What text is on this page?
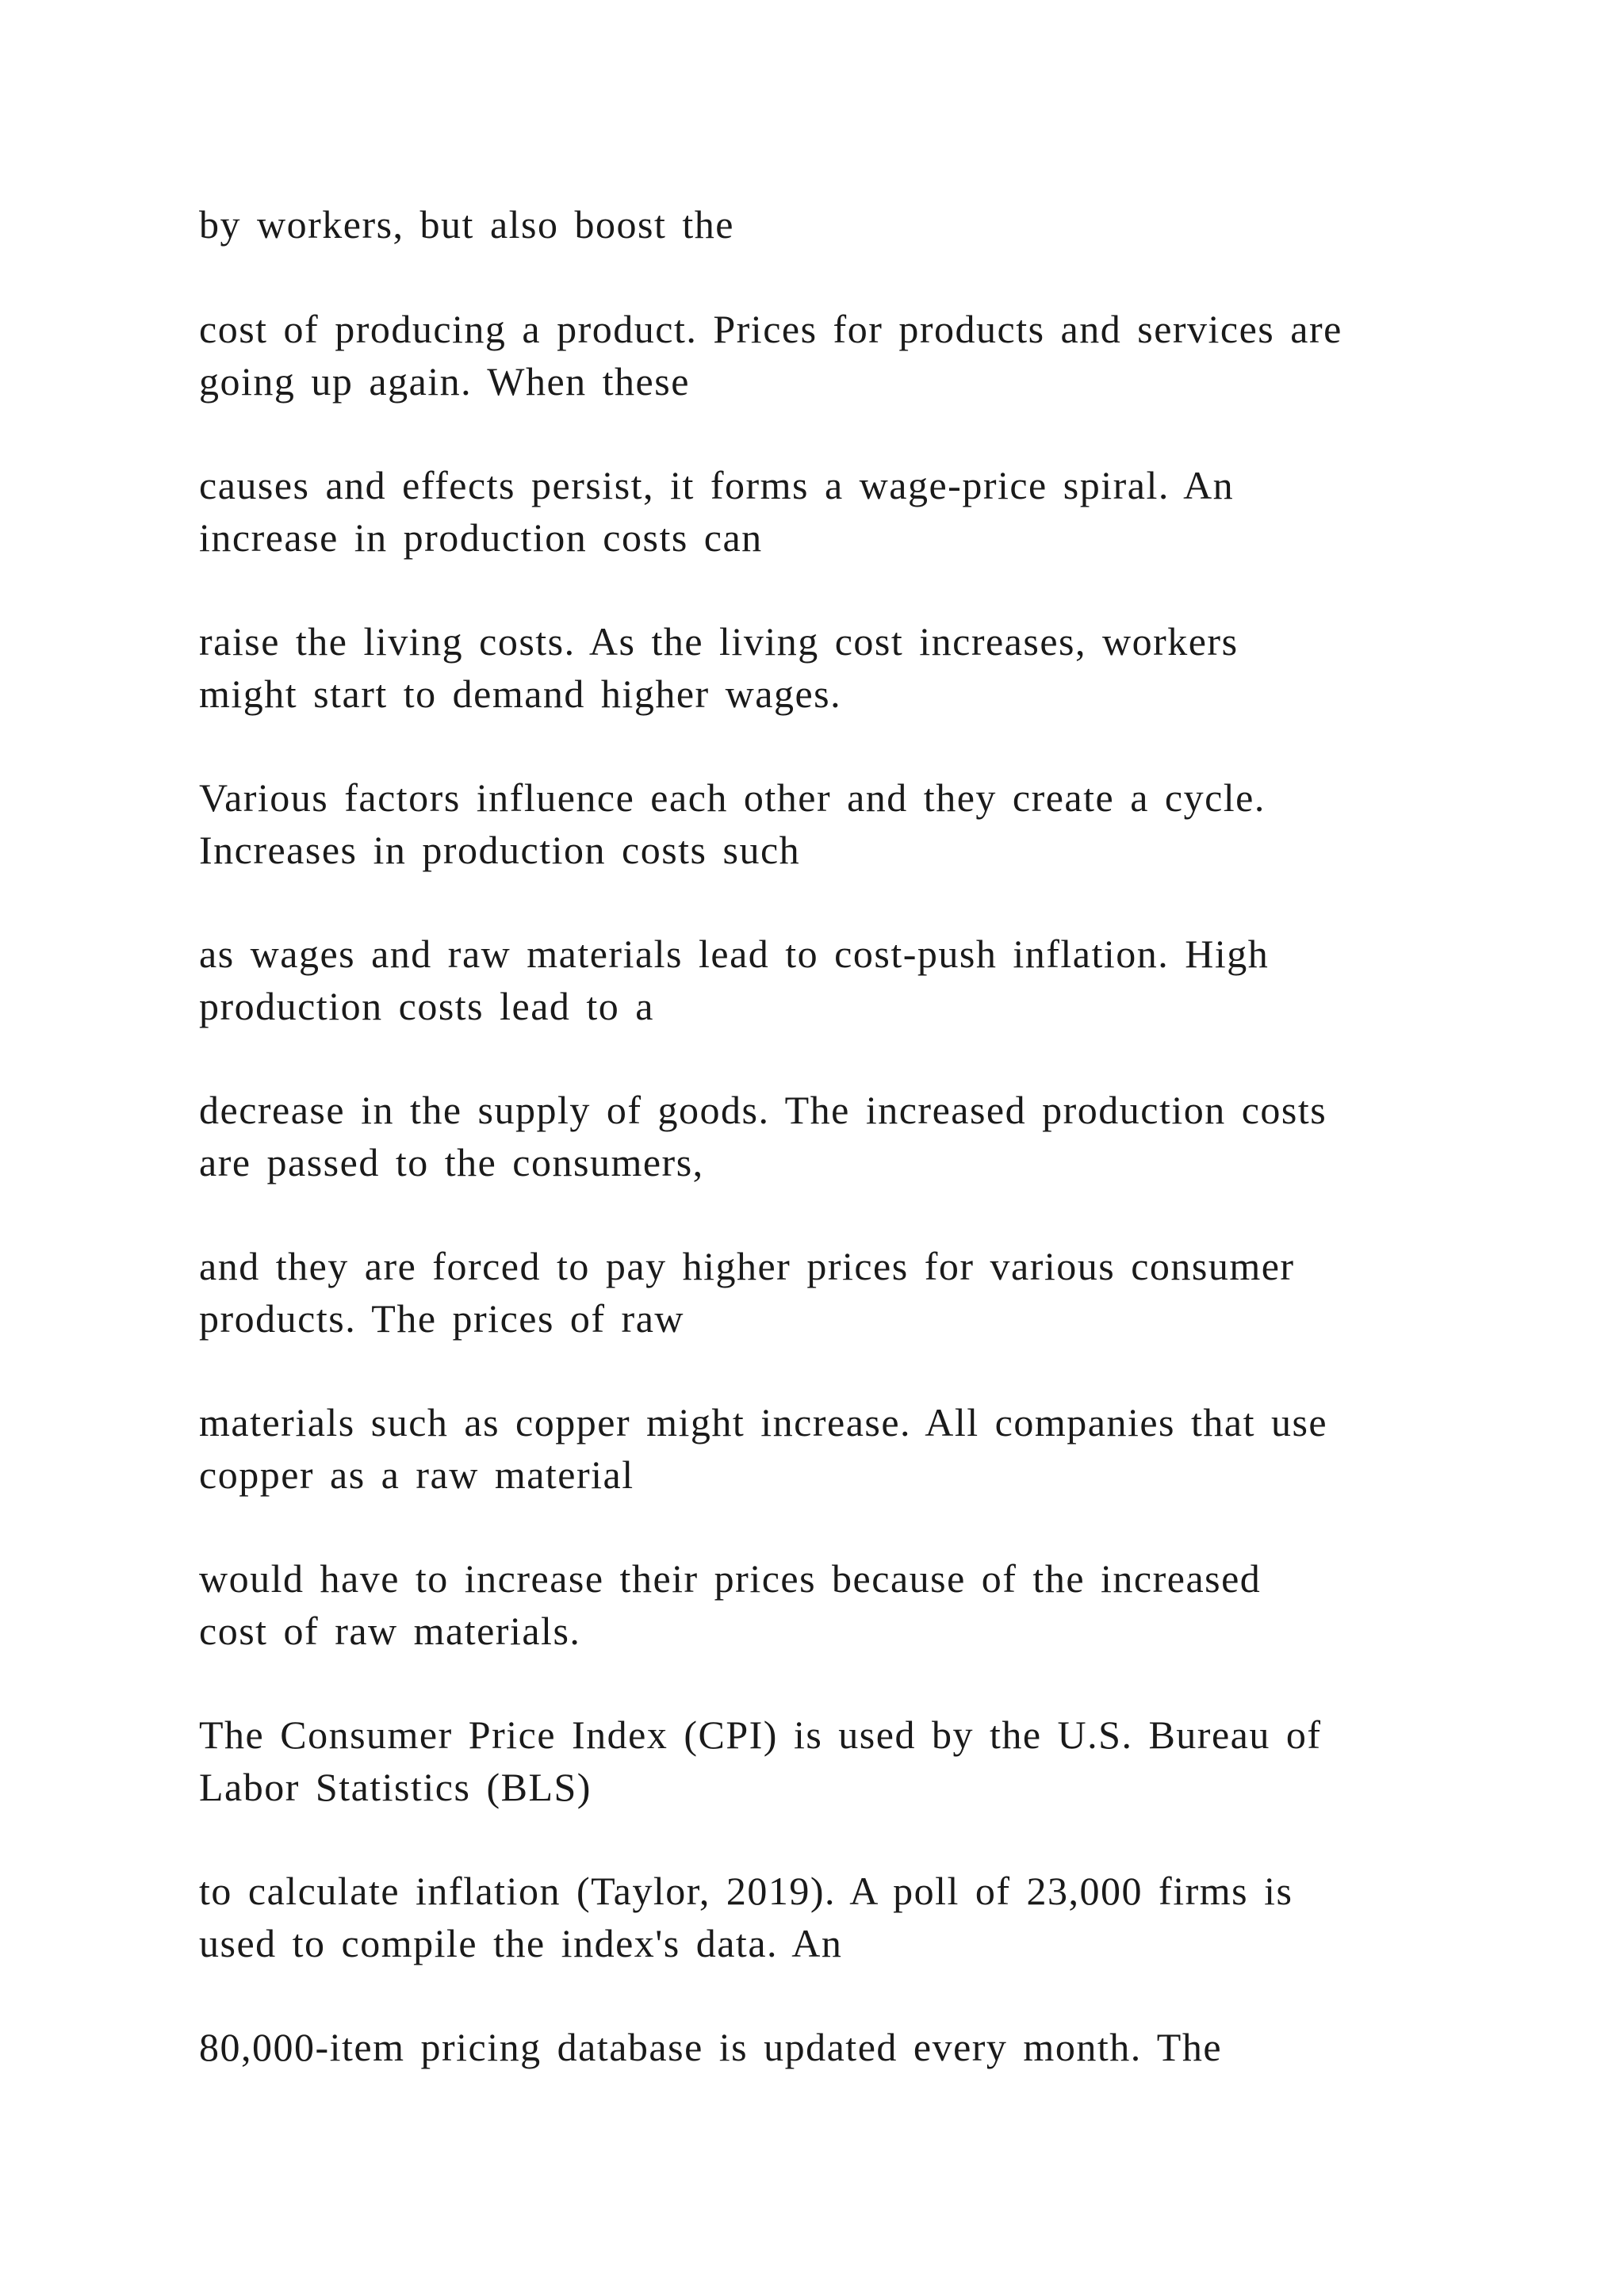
by workers, but also boost the

cost of producing a product. Prices for products and services are
going up again. When these

causes and effects persist, it forms a wage-price spiral. An
increase in production costs can

raise the living costs. As the living cost increases, workers
might start to demand higher wages.

Various factors influence each other and they create a cycle.
Increases in production costs such

as wages and raw materials lead to cost-push inflation. High
production costs lead to a

decrease in the supply of goods. The increased production costs
are passed to the consumers,

and they are forced to pay higher prices for various consumer
products. The prices of raw

materials such as copper might increase. All companies that use
copper as a raw material

would have to increase their prices because of the increased
cost of raw materials.

The Consumer Price Index (CPI) is used by the U.S. Bureau of
Labor Statistics (BLS)

to calculate inflation (Taylor, 2019). A poll of 23,000 firms is
used to compile the index's data. An

80,000-item pricing database is updated every month. The
